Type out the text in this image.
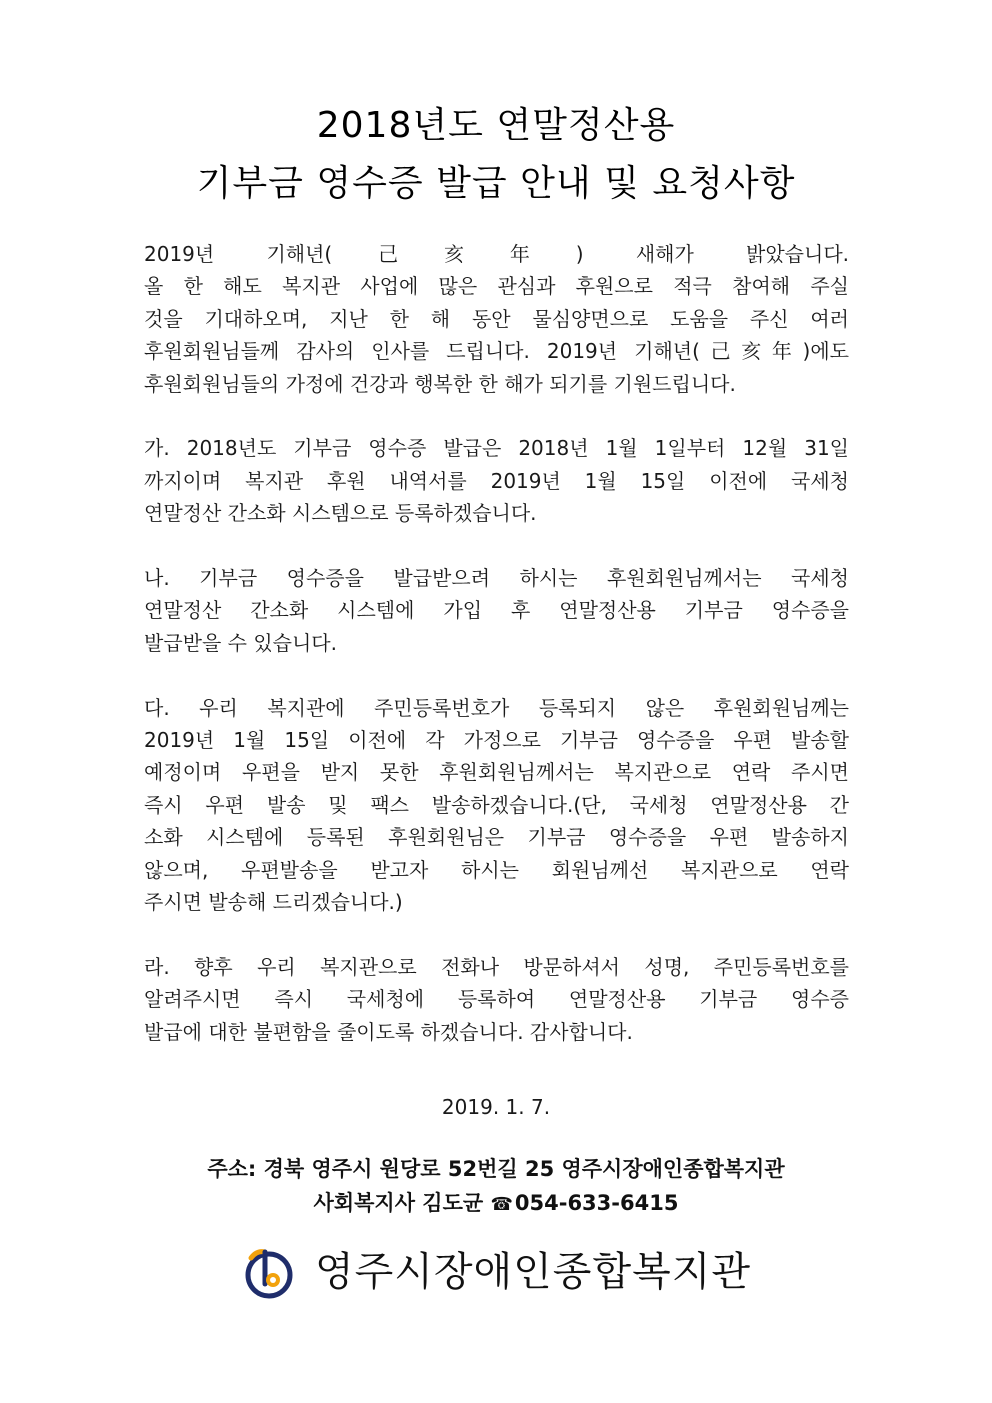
2018년도 연말정산용
기부금 영수증 발급 안내 및 요청사항

2019년 기해년(己亥年) 새해가 밝았습니다.
올 한 해도 복지관 사업에 많은 관심과 후원으로 적극 참여해 주실
것을 기대하오며, 지난 한 해 동안 물심양면으로 도움을 주신 여러
후원회원님들께 감사의 인사를 드립니다. 2019년 기해년(己亥年)에도
후원회원님들의 가정에 건강과 행복한 한 해가 되기를 기원드립니다.

가. 2018년도 기부금 영수증 발급은 2018년 1월 1일부터 12월 31일
까지이며 복지관 후원 내역서를 2019년 1월 15일 이전에 국세청
연말정산 간소화 시스템으로 등록하겠습니다.

나. 기부금 영수증을 발급받으려 하시는 후원회원님께서는 국세청
연말정산 간소화 시스템에 가입 후 연말정산용 기부금 영수증을
발급받을 수 있습니다.

다. 우리 복지관에 주민등록번호가 등록되지 않은 후원회원님께는
2019년 1월 15일 이전에 각 가정으로 기부금 영수증을 우편 발송할
예정이며 우편을 받지 못한 후원회원님께서는 복지관으로 연락 주시면
즉시 우편 발송 및 팩스 발송하겠습니다.(단, 국세청 연말정산용 간
소화 시스템에 등록된 후원회원님은 기부금 영수증을 우편 발송하지
않으며, 우편발송을 받고자 하시는 회원님께선 복지관으로 연락
주시면 발송해 드리겠습니다.)

라. 향후 우리 복지관으로 전화나 방문하셔서 성명, 주민등록번호를
알려주시면 즉시 국세청에 등록하여 연말정산용 기부금 영수증
발급에 대한 불편함을 줄이도록 하겠습니다. 감사합니다.

2019. 1. 7.
주소: 경북 영주시 원당로 52번길 25 영주시장애인종합복지관
사회복지사 김도균 ☎054-633-6415
영주시장애인종합복지관
